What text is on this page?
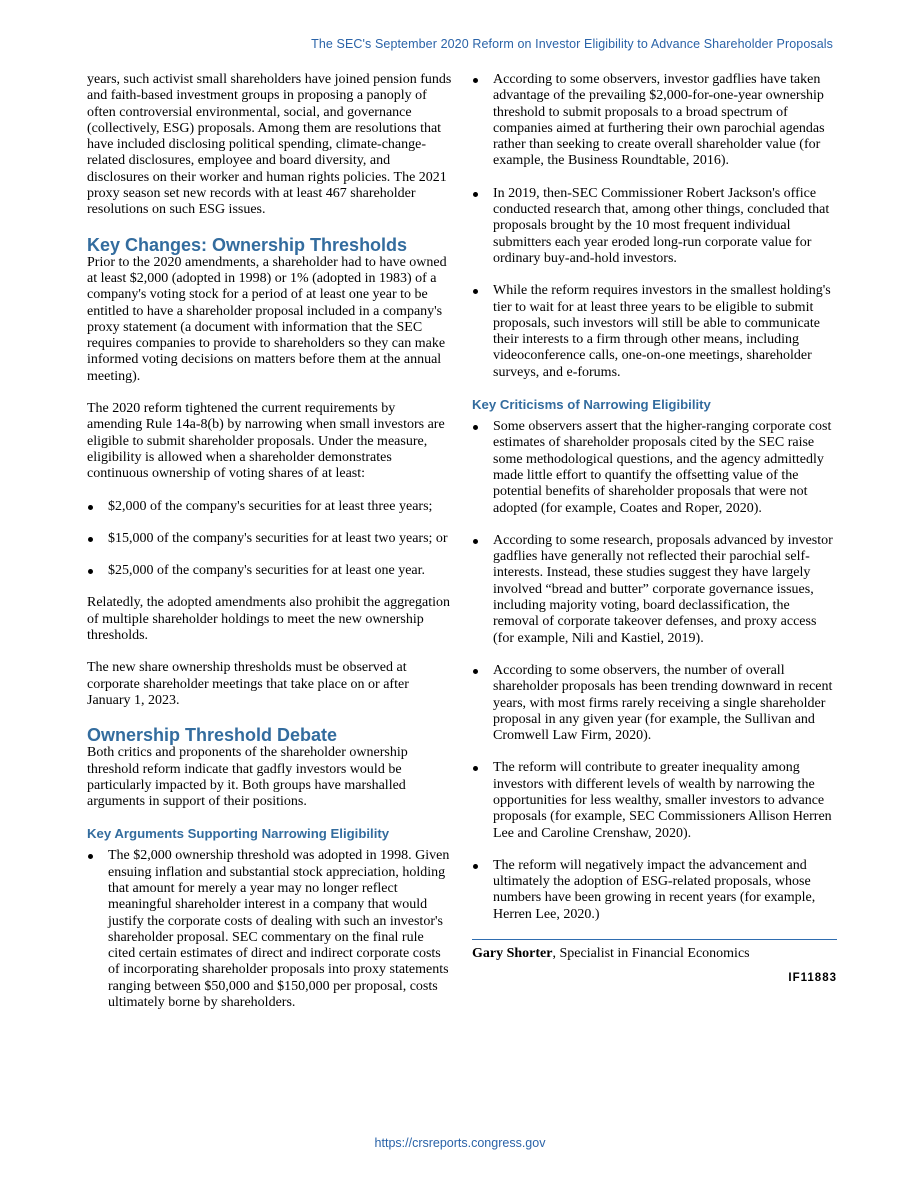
The SEC's September 2020 Reform on Investor Eligibility to Advance Shareholder Proposals

years, such activist small shareholders have joined pension funds and faith-based investment groups in proposing a panoply of often controversial environmental, social, and governance (collectively, ESG) proposals. Among them are resolutions that have included disclosing political spending, climate-change-related disclosures, employee and board diversity, and disclosures on their worker and human rights policies. The 2021 proxy season set new records with at least 467 shareholder resolutions on such ESG issues.

Key Changes: Ownership Thresholds

Prior to the 2020 amendments, a shareholder had to have owned at least $2,000 (adopted in 1998) or 1% (adopted in 1983) of a company's voting stock for a period of at least one year to be entitled to have a shareholder proposal included in a company's proxy statement (a document with information that the SEC requires companies to provide to shareholders so they can make informed voting decisions on matters before them at the annual meeting).

The 2020 reform tightened the current requirements by amending Rule 14a-8(b) by narrowing when small investors are eligible to submit shareholder proposals. Under the measure, eligibility is allowed when a shareholder demonstrates continuous ownership of voting shares of at least:

$2,000 of the company's securities for at least three years;
$15,000 of the company's securities for at least two years; or
$25,000 of the company's securities for at least one year.

Relatedly, the adopted amendments also prohibit the aggregation of multiple shareholder holdings to meet the new ownership thresholds.

The new share ownership thresholds must be observed at corporate shareholder meetings that take place on or after January 1, 2023.

Ownership Threshold Debate

Both critics and proponents of the shareholder ownership threshold reform indicate that gadfly investors would be particularly impacted by it. Both groups have marshalled arguments in support of their positions.

Key Arguments Supporting Narrowing Eligibility
The $2,000 ownership threshold was adopted in 1998. Given ensuing inflation and substantial stock appreciation, holding that amount for merely a year may no longer reflect meaningful shareholder interest in a company that would justify the corporate costs of dealing with such an investor's shareholder proposal. SEC commentary on the final rule cited certain estimates of direct and indirect corporate costs of incorporating shareholder proposals into proxy statements ranging between $50,000 and $150,000 per proposal, costs ultimately borne by shareholders.
According to some observers, investor gadflies have taken advantage of the prevailing $2,000-for-one-year ownership threshold to submit proposals to a broad spectrum of companies aimed at furthering their own parochial agendas rather than seeking to create overall shareholder value (for example, the Business Roundtable, 2016).
In 2019, then-SEC Commissioner Robert Jackson's office conducted research that, among other things, concluded that proposals brought by the 10 most frequent individual submitters each year eroded long-run corporate value for ordinary buy-and-hold investors.
While the reform requires investors in the smallest holding's tier to wait for at least three years to be eligible to submit proposals, such investors will still be able to communicate their interests to a firm through other means, including videoconference calls, one-on-one meetings, shareholder surveys, and e-forums.
Key Criticisms of Narrowing Eligibility
Some observers assert that the higher-ranging corporate cost estimates of shareholder proposals cited by the SEC raise some methodological questions, and the agency admittedly made little effort to quantify the offsetting value of the potential benefits of shareholder proposals that were not adopted (for example, Coates and Roper, 2020).
According to some research, proposals advanced by investor gadflies have generally not reflected their parochial self-interests. Instead, these studies suggest they have largely involved “bread and butter” corporate governance issues, including majority voting, board declassification, the removal of corporate takeover defenses, and proxy access (for example, Nili and Kastiel, 2019).
According to some observers, the number of overall shareholder proposals has been trending downward in recent years, with most firms rarely receiving a single shareholder proposal in any given year (for example, the Sullivan and Cromwell Law Firm, 2020).
The reform will contribute to greater inequality among investors with different levels of wealth by narrowing the opportunities for less wealthy, smaller investors to advance proposals (for example, SEC Commissioners Allison Herren Lee and Caroline Crenshaw, 2020).
The reform will negatively impact the advancement and ultimately the adoption of ESG-related proposals, whose numbers have been growing in recent years (for example, Herren Lee, 2020.)
Gary Shorter, Specialist in Financial Economics
IF11883
https://crsreports.congress.gov
